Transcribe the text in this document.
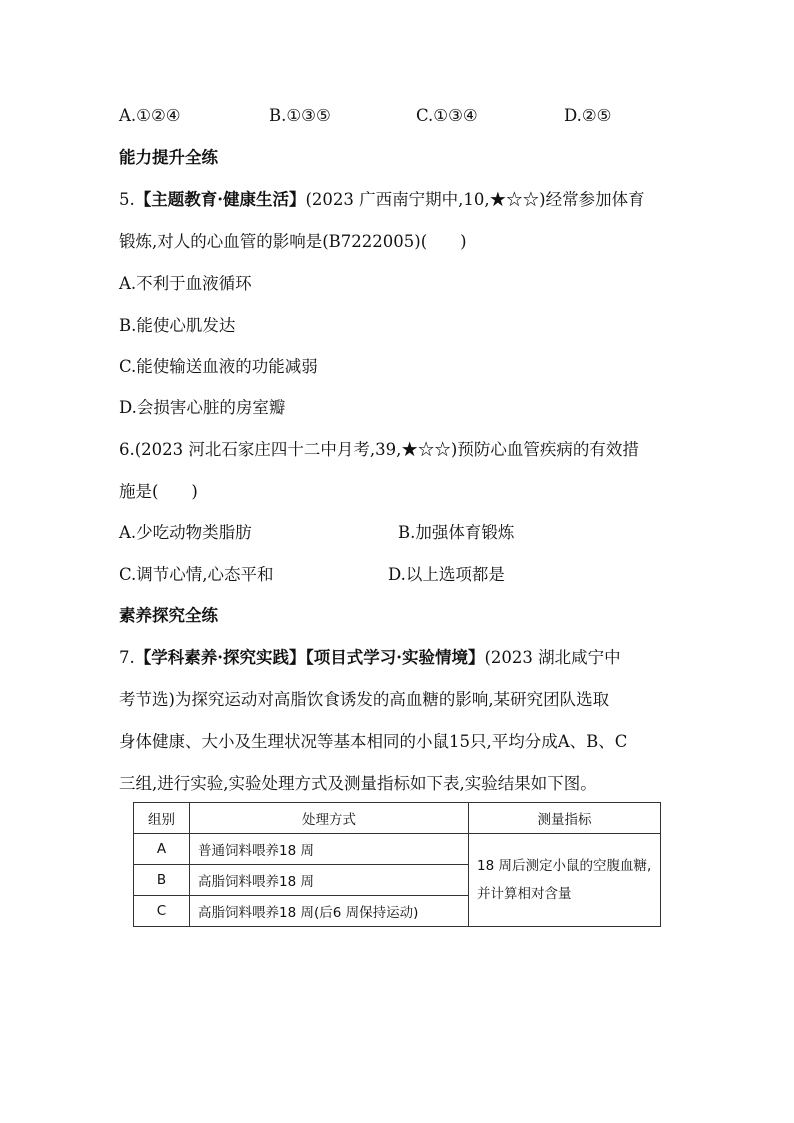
A.①②④	B.①③⑤	C.①③④	D.②⑤
能力提升全练
5.【主题教育·健康生活】(2023 广西南宁期中,10,★☆☆)经常参加体育
锻炼,对人的心血管的影响是(B7222005)(　　)
A.不利于血液循环
B.能使心肌发达
C.能使输送血液的功能减弱
D.会损害心脏的房室瓣
6.(2023 河北石家庄四十二中月考,39,★☆☆)预防心血管疾病的有效措
施是(　　)
A.少吃动物类脂肪	B.加强体育锻炼
C.调节心情,心态平和	D.以上选项都是
素养探究全练
7.【学科素养·探究实践】【项目式学习·实验情境】(2023 湖北咸宁中
考节选)为探究运动对高脂饮食诱发的高血糖的影响,某研究团队选取
身体健康、大小及生理状况等基本相同的小鼠15只,平均分成A、B、C
三组,进行实验,实验处理方式及测量指标如下表,实验结果如下图。
组别	处理方式	测量指标
A	普通饲料喂养18 周	18 周后测定小鼠的空腹血糖,
并计算相对含量

B	高脂饲料喂养18 周	
C	高脂饲料喂养18 周(后6 周保持运动)	
